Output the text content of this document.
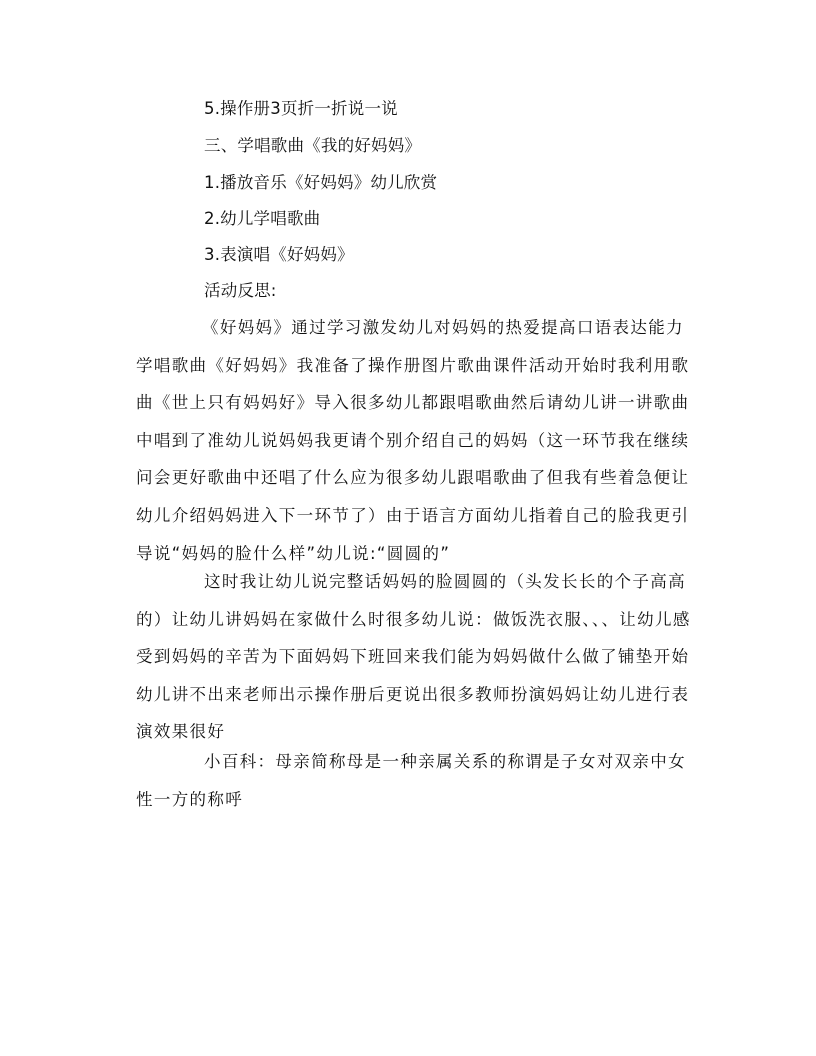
5.操作册3页折一折说一说
三、学唱歌曲《我的好妈妈》
1.播放音乐《好妈妈》幼儿欣赏
2.幼儿学唱歌曲
3.表演唱《好妈妈》
活动反思:

《好妈妈》通过学习激发幼儿对妈妈的热爱提高口语表达能力学唱歌曲《好妈妈》我准备了操作册图片歌曲课件活动开始时我利用歌曲《世上只有妈妈好》导入很多幼儿都跟唱歌曲然后请幼儿讲一讲歌曲中唱到了准幼儿说妈妈我更请个别介绍自己的妈妈（这一环节我在继续问会更好歌曲中还唱了什么应为很多幼儿跟唱歌曲了但我有些着急便让幼儿介绍妈妈进入下一环节了）由于语言方面幼儿指着自己的脸我更引导说“妈妈的脸什么样”幼儿说:“圆圆的”

这时我让幼儿说完整话妈妈的脸圆圆的（头发长长的个子高高的）让幼儿讲妈妈在家做什么时很多幼儿说：做饭洗衣服、、、让幼儿感受到妈妈的辛苦为下面妈妈下班回来我们能为妈妈做什么做了铺垫开始幼儿讲不出来老师出示操作册后更说出很多教师扮演妈妈让幼儿进行表演效果很好

小百科：母亲简称母是一种亲属关系的称谓是子女对双亲中女性一方的称呼
